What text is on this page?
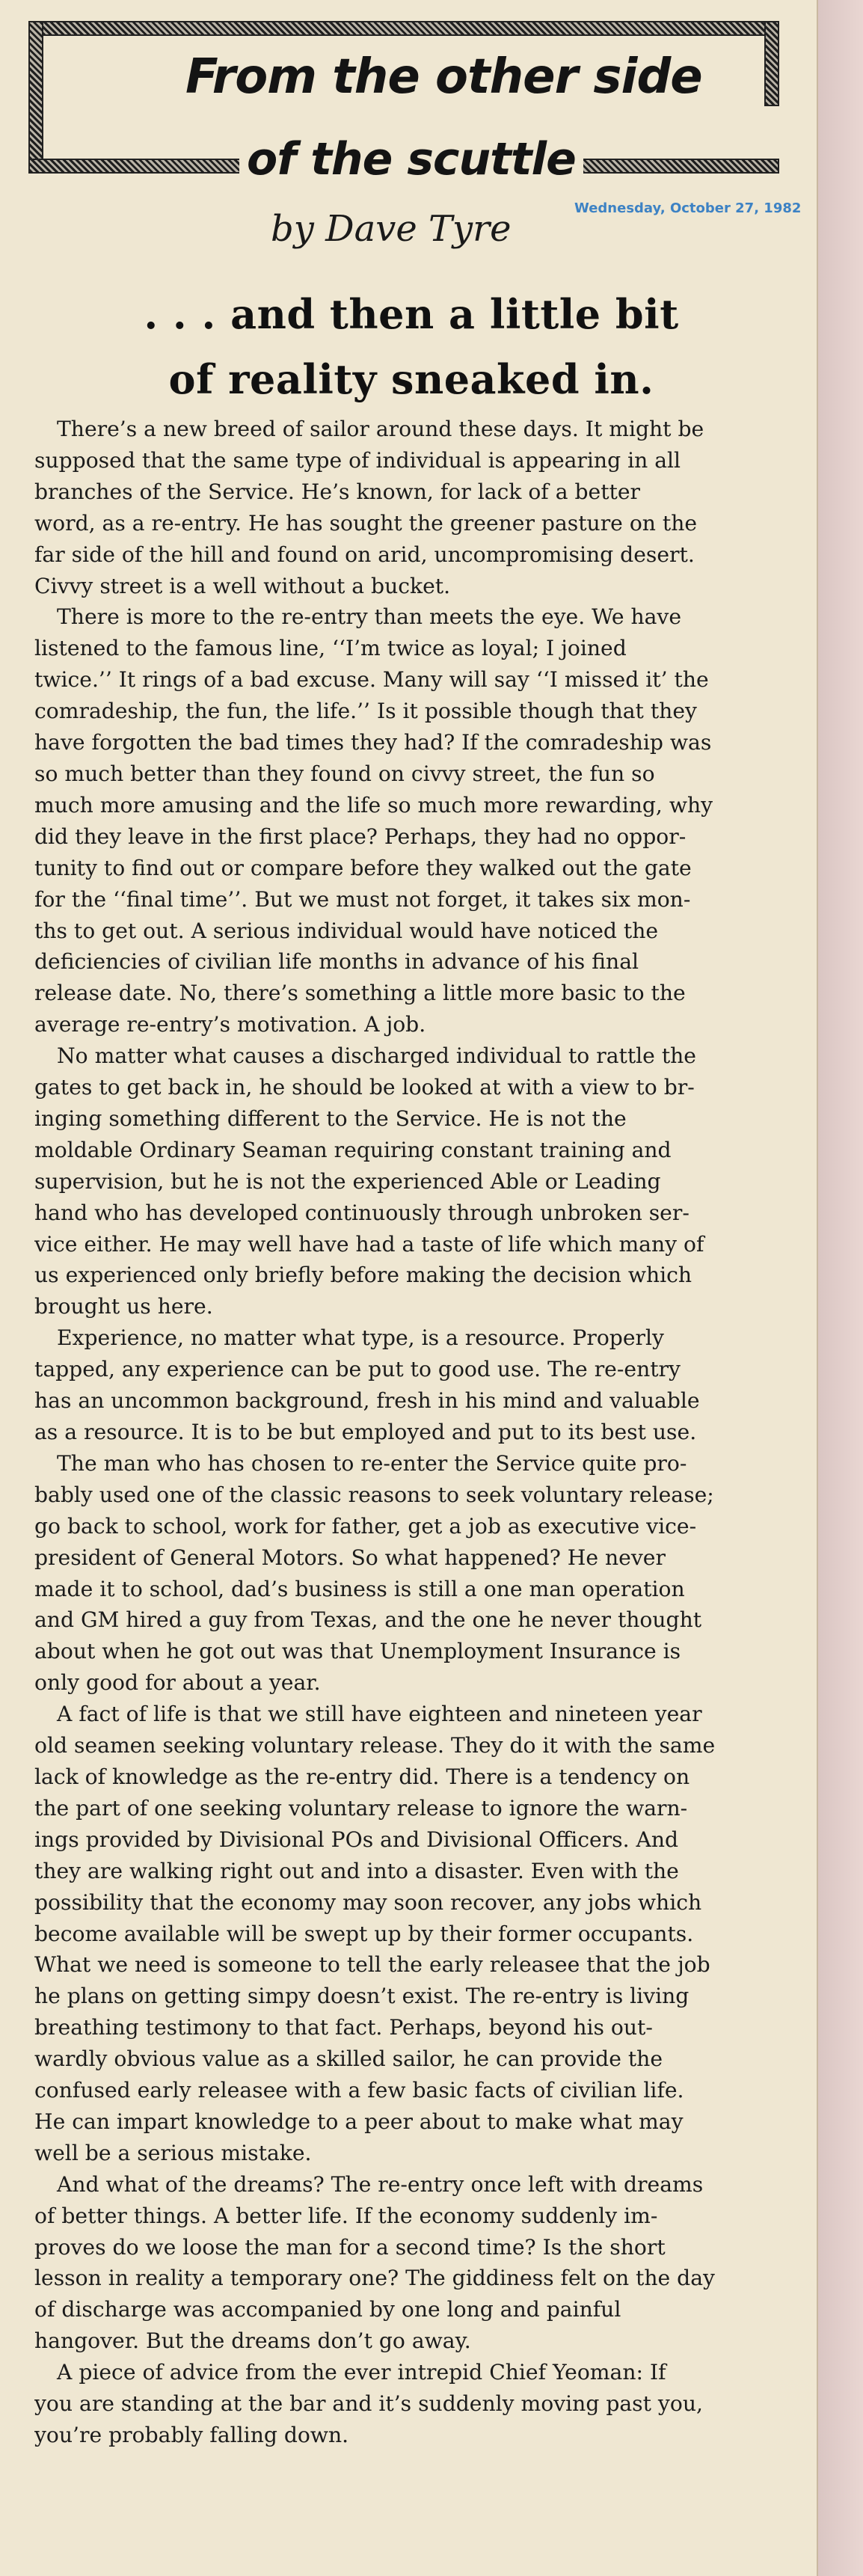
From the other side
of the scuttle
by Dave Tyre	Wednesday, October 27, 1982
. . . and then a little bit
of reality sneaked in.

There’s a new breed of sailor around these days. It might be
supposed that the same type of individual is appearing in all
branches of the Service. He’s known, for lack of a better
word, as a re-entry. He has sought the greener pasture on the
far side of the hill and found on arid, uncompromising desert.
Civvy street is a well without a bucket.

There is more to the re-entry than meets the eye. We have
listened to the famous line, ‘‘I’m twice as loyal; I joined
twice.’’ It rings of a bad excuse. Many will say ‘‘I missed it’ the
comradeship, the fun, the life.’’ Is it possible though that they
have forgotten the bad times they had? If the comradeship was
so much better than they found on civvy street, the fun so
much more amusing and the life so much more rewarding, why
did they leave in the first place? Perhaps, they had no oppor-
tunity to find out or compare before they walked out the gate
for the ‘‘final time’’. But we must not forget, it takes six mon-
ths to get out. A serious individual would have noticed the
deficiencies of civilian life months in advance of his final
release date. No, there’s something a little more basic to the
average re-entry’s motivation. A job.

No matter what causes a discharged individual to rattle the
gates to get back in, he should be looked at with a view to br-
inging something different to the Service. He is not the
moldable Ordinary Seaman requiring constant training and
supervision, but he is not the experienced Able or Leading
hand who has developed continuously through unbroken ser-
vice either. He may well have had a taste of life which many of
us experienced only briefly before making the decision which
brought us here.

Experience, no matter what type, is a resource. Properly
tapped, any experience can be put to good use. The re-entry
has an uncommon background, fresh in his mind and valuable
as a resource. It is to be but employed and put to its best use.

The man who has chosen to re-enter the Service quite pro-
bably used one of the classic reasons to seek voluntary release;
go back to school, work for father, get a job as executive vice-
president of General Motors. So what happened? He never
made it to school, dad’s business is still a one man operation
and GM hired a guy from Texas, and the one he never thought
about when he got out was that Unemployment Insurance is
only good for about a year.

A fact of life is that we still have eighteen and nineteen year
old seamen seeking voluntary release. They do it with the same
lack of knowledge as the re-entry did. There is a tendency on
the part of one seeking voluntary release to ignore the warn-
ings provided by Divisional POs and Divisional Officers. And
they are walking right out and into a disaster. Even with the
possibility that the economy may soon recover, any jobs which
become available will be swept up by their former occupants.
What we need is someone to tell the early releasee that the job
he plans on getting simpy doesn’t exist. The re-entry is living
breathing testimony to that fact. Perhaps, beyond his out-
wardly obvious value as a skilled sailor, he can provide the
confused early releasee with a few basic facts of civilian life.
He can impart knowledge to a peer about to make what may
well be a serious mistake.

And what of the dreams? The re-entry once left with dreams
of better things. A better life. If the economy suddenly im-
proves do we loose the man for a second time? Is the short
lesson in reality a temporary one? The giddiness felt on the day
of discharge was accompanied by one long and painful
hangover. But the dreams don’t go away.

A piece of advice from the ever intrepid Chief Yeoman: If
you are standing at the bar and it’s suddenly moving past you,
you’re probably falling down.
